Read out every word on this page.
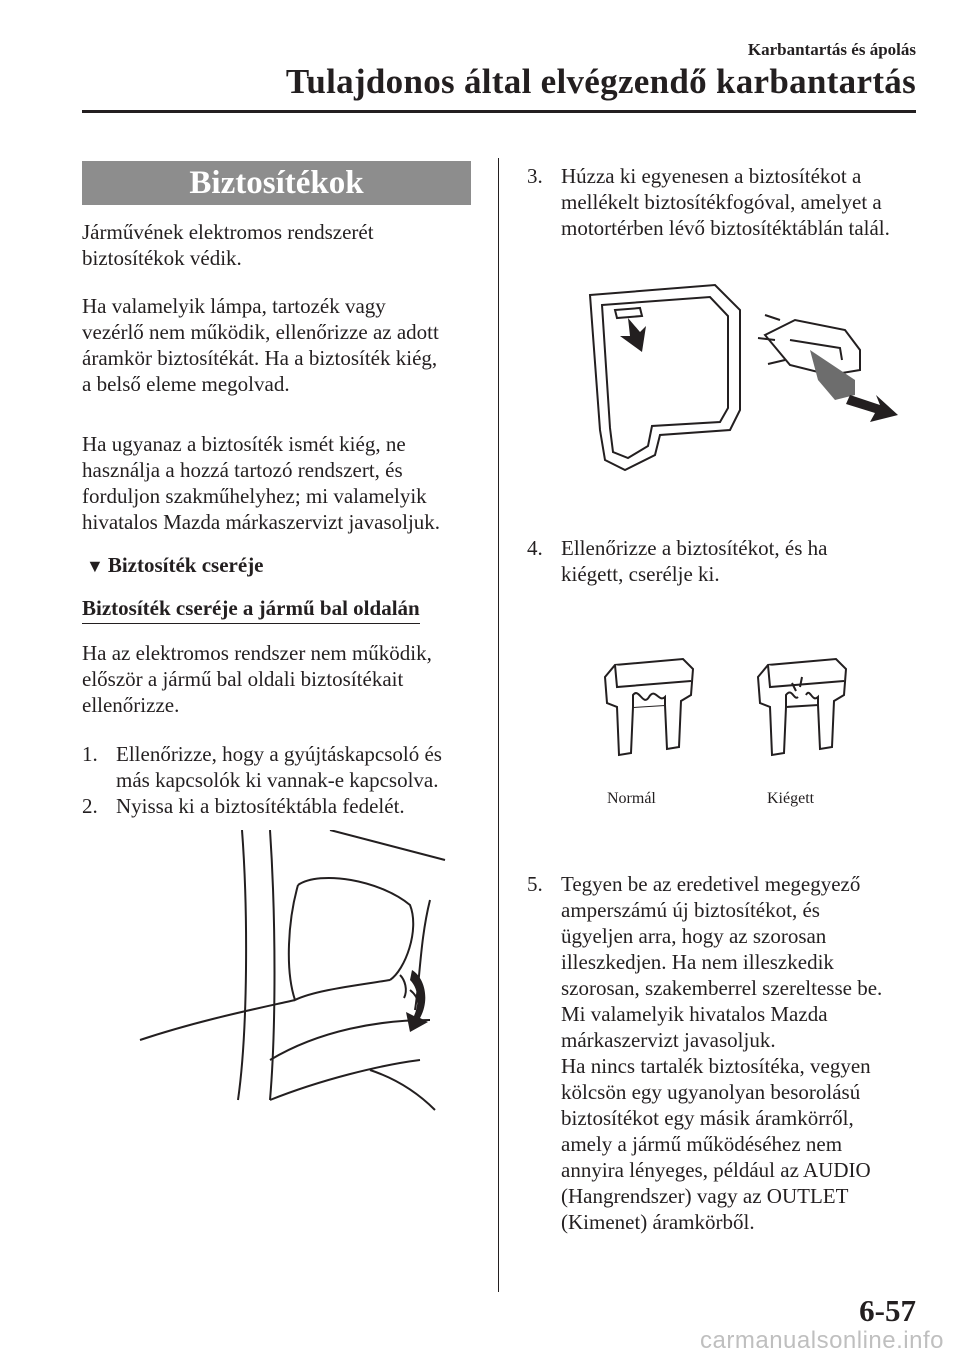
Karbantartás és ápolás
Tulajdonos által elvégzendő karbantartás
Biztosítékok
Járművének elektromos rendszerét
biztosítékok védik.
Ha valamelyik lámpa, tartozék vagy
vezérlő nem működik, ellenőrizze az adott
áramkör biztosítékát. Ha a biztosíték kiég,
a belső eleme megolvad.
Ha ugyanaz a biztosíték ismét kiég, ne
használja a hozzá tartozó rendszert, és
forduljon szakműhelyhez; mi valamelyik
hivatalos Mazda márkaszervizt javasoljuk.
▼ Biztosíték cseréje
Biztosíték cseréje a jármű bal oldalán
Ha az elektromos rendszer nem működik,
először a jármű bal oldali biztosítékait
ellenőrizze.
1. Ellenőrizze, hogy a gyújtáskapcsoló és
más kapcsolók ki vannak-e kapcsolva.
2. Nyissa ki a biztosítéktábla fedelét.
3. Húzza ki egyenesen a biztosítékot a
mellékelt biztosítékfogóval, amelyet a
motortérben lévő biztosítéktáblán talál.
4. Ellenőrizze a biztosítékot, és ha
kiégett, cserélje ki.
Normál	Kiégett
5. Tegyen be az eredetivel megegyező
amperszámú új biztosítékot, és
ügyeljen arra, hogy az szorosan
illeszkedjen. Ha nem illeszkedik
szorosan, szakemberrel szereltesse be.
Mi valamelyik hivatalos Mazda
márkaszervizt javasoljuk.
Ha nincs tartalék biztosítéka, vegyen
kölcsön egy ugyanolyan besorolású
biztosítékot egy másik áramkörről,
amely a jármű működéséhez nem
annyira lényeges, például az AUDIO
(Hangrendszer) vagy az OUTLET
(Kimenet) áramkörből.
6-57
carmanualsonline.info
